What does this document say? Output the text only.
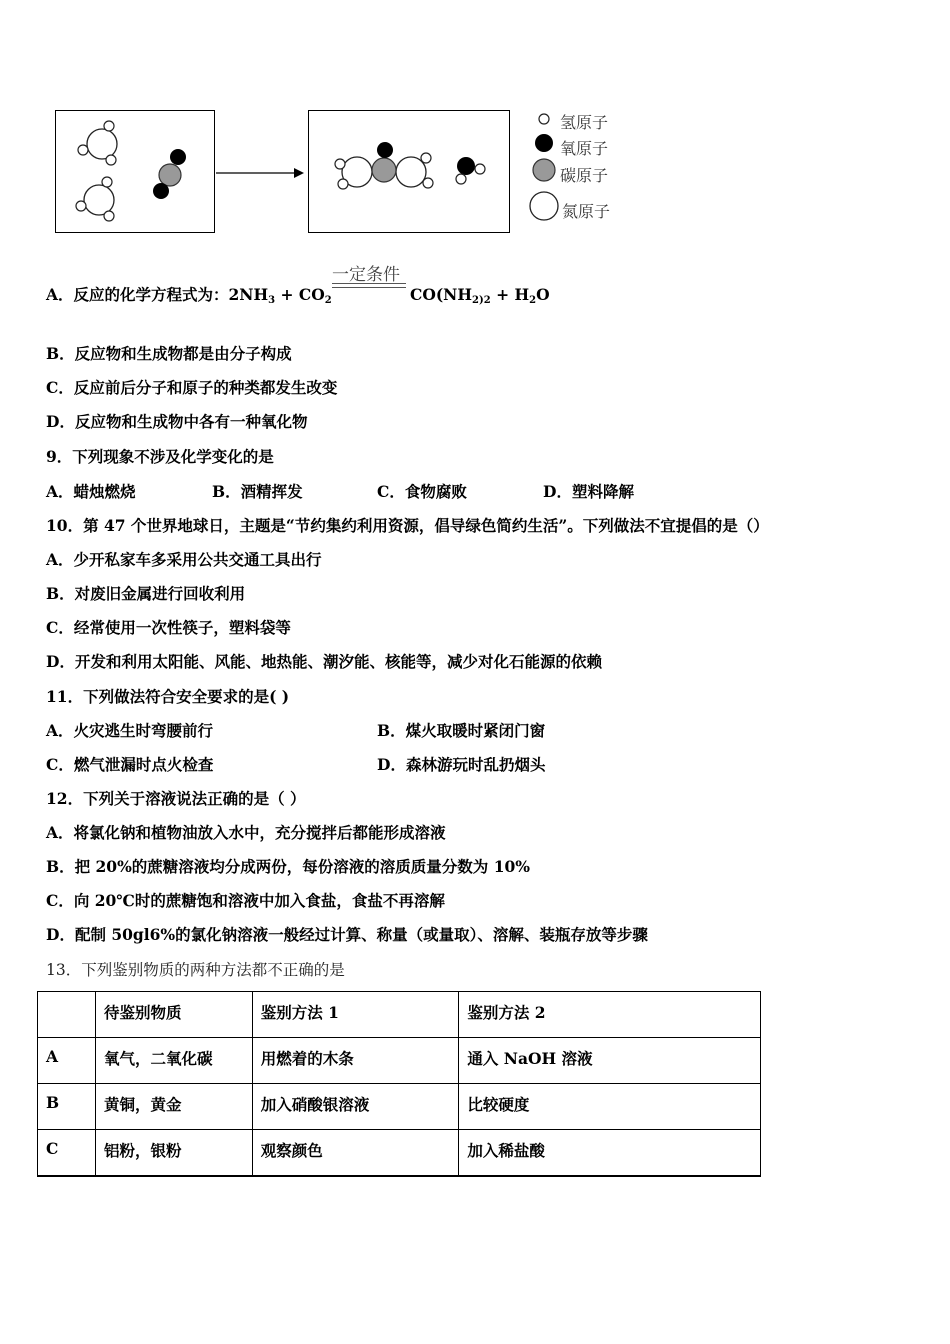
氢原子
氧原子
碳原子
氮原子
一定条件
A．反应的化学方程式为：$2NH_3 + CO_2$	$CO(NH_2)2 + H_2O$
B．反应物和生成物都是由分子构成
C．反应前后分子和原子的种类都发生改变
D．反应物和生成物中各有一种氧化物
9．下列现象不涉及化学变化的是
A．蜡烛燃烧	B．酒精挥发	C．食物腐败	D．塑料降解
10．第 47 个世界地球日，主题是“节约集约利用资源，倡导绿色简约生活”。下列做法不宜提倡的是（）
A．少开私家车多采用公共交通工具出行
B．对废旧金属进行回收利用
C．经常使用一次性筷子，塑料袋等
D．开发和利用太阳能、风能、地热能、潮汐能、核能等，减少对化石能源的依赖
11．下列做法符合安全要求的是( )
A．火灾逃生时弯腰前行	B．煤火取暖时紧闭门窗
C．燃气泄漏时点火检查	D．森林游玩时乱扔烟头
12．下列关于溶液说法正确的是（ ）
A．将氯化钠和植物油放入水中，充分搅拌后都能形成溶液
B．把 20%的蔗糖溶液均分成两份，每份溶液的溶质质量分数为 10%
C．向 20℃时的蔗糖饱和溶液中加入食盐，食盐不再溶解
D．配制 50gl6%的氯化钠溶液一般经过计算、称量（或量取）、溶解、装瓶存放等步骤
13．下列鉴别物质的两种方法都不正确的是
	待鉴别物质	鉴别方法 1	鉴别方法 2
A	氧气，二氧化碳	用燃着的木条	通入 NaOH 溶液
B	黄铜，黄金	加入硝酸银溶液	比较硬度
C	铝粉，银粉	观察颜色	加入稀盐酸
